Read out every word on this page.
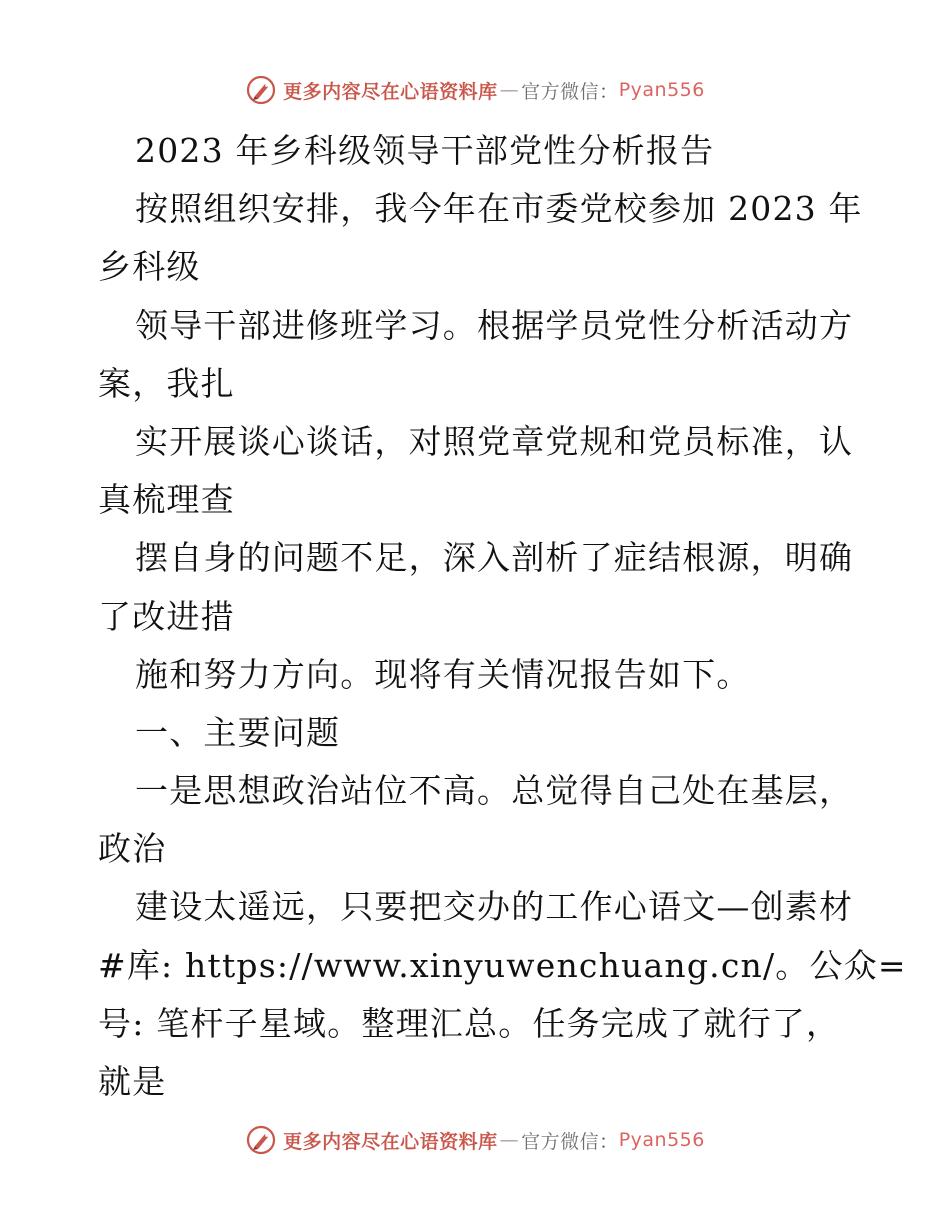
更多内容尽在心语资料库 — 官方微信 ： Pyan556
2023 年乡科级领导干部党性分析报告
按照组织安排，我今年在市委党校参加 2023 年
乡科级
领导干部进修班学习。根据学员党性分析活动方
案，我扎
实开展谈心谈话，对照党章党规和党员标准，认
真梳理查
摆自身的问题不足，深入剖析了症结根源，明确
了改进措
施和努力方向。现将有关情况报告如下。
一、主要问题
一是思想政治站位不高。总觉得自己处在基层，
政治
建设太遥远，只要把交办的工作心语文—创素材
#库: https://www.xinyuwenchuang.cn/。公众=
号: 笔杆子星域。整理汇总。任务完成了就行了，
就是
更多内容尽在心语资料库 — 官方微信 ： Pyan556
